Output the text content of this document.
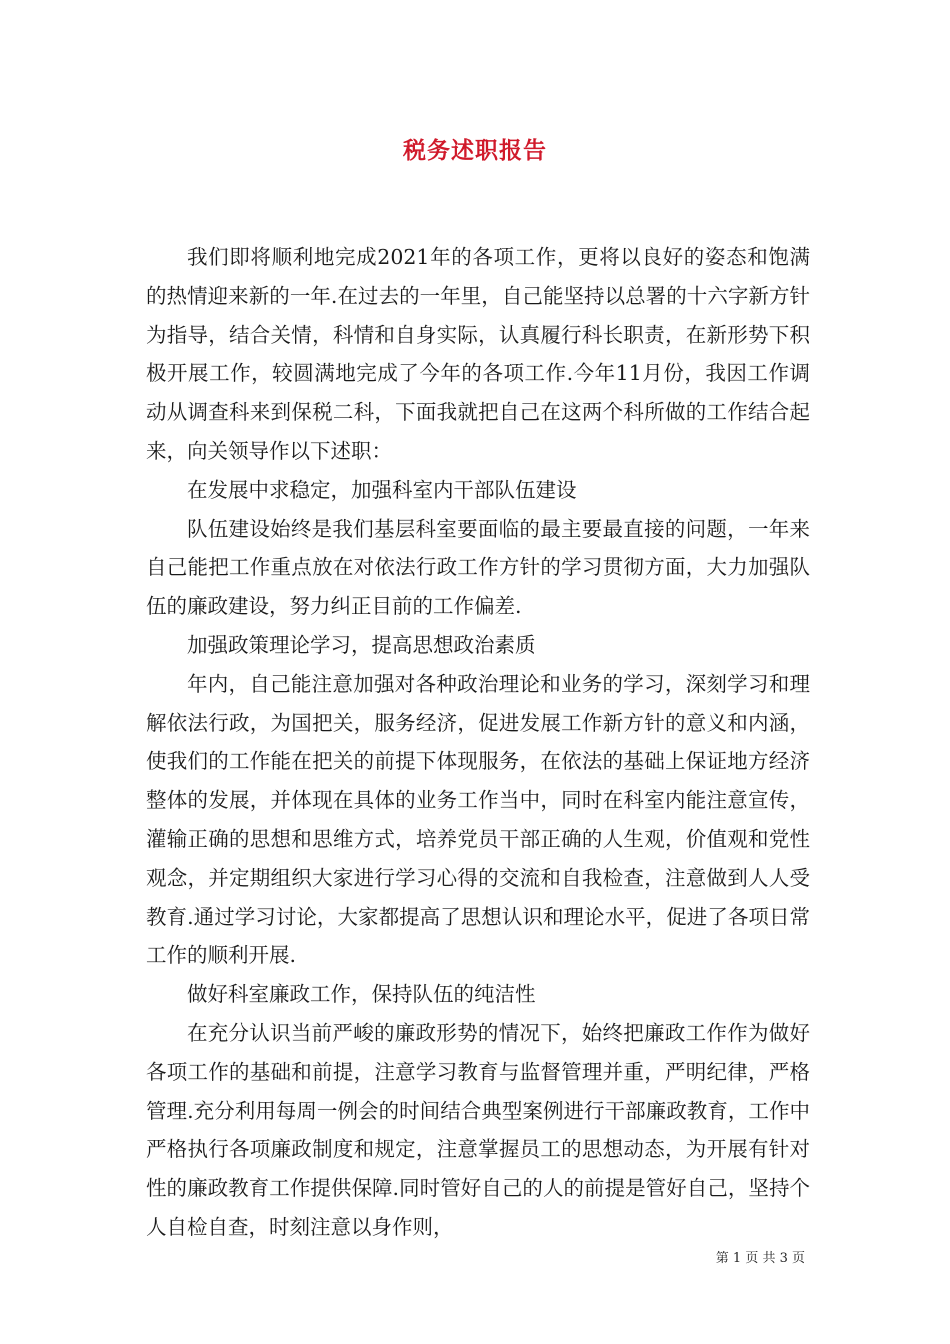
税务述职报告

我们即将顺利地完成2021年的各项工作，更将以良好的姿态和饱满的热情迎来新的一年.在过去的一年里，自己能坚持以总署的十六字新方针为指导，结合关情，科情和自身实际，认真履行科长职责，在新形势下积极开展工作，较圆满地完成了今年的各项工作.今年11月份，我因工作调动从调查科来到保税二科，下面我就把自己在这两个科所做的工作结合起来，向关领导作以下述职：

在发展中求稳定，加强科室内干部队伍建设

队伍建设始终是我们基层科室要面临的最主要最直接的问题，一年来自己能把工作重点放在对依法行政工作方针的学习贯彻方面，大力加强队伍的廉政建设，努力纠正目前的工作偏差.

加强政策理论学习，提高思想政治素质

年内，自己能注意加强对各种政治理论和业务的学习，深刻学习和理解依法行政，为国把关，服务经济，促进发展工作新方针的意义和内涵，使我们的工作能在把关的前提下体现服务，在依法的基础上保证地方经济整体的发展，并体现在具体的业务工作当中，同时在科室内能注意宣传，灌输正确的思想和思维方式，培养党员干部正确的人生观，价值观和党性观念，并定期组织大家进行学习心得的交流和自我检查，注意做到人人受教育.通过学习讨论，大家都提高了思想认识和理论水平，促进了各项日常工作的顺利开展.

做好科室廉政工作，保持队伍的纯洁性

在充分认识当前严峻的廉政形势的情况下，始终把廉政工作作为做好各项工作的基础和前提，注意学习教育与监督管理并重，严明纪律，严格管理.充分利用每周一例会的时间结合典型案例进行干部廉政教育，工作中严格执行各项廉政制度和规定，注意掌握员工的思想动态，为开展有针对性的廉政教育工作提供保障.同时管好自己的人的前提是管好自己，坚持个人自检自查，时刻注意以身作则，

第 1 页 共 3 页
